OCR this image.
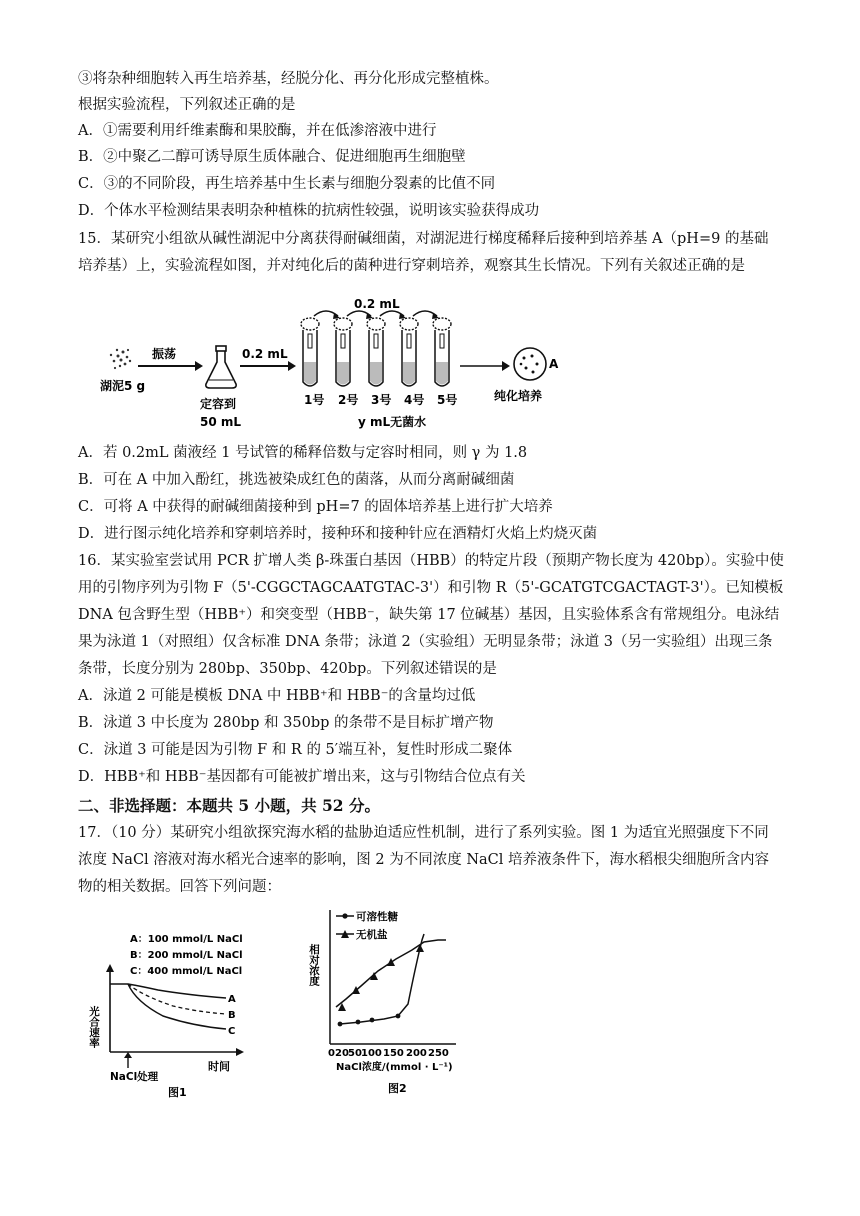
③将杂种细胞转入再生培养基，经脱分化、再分化形成完整植株。
根据实验流程，下列叙述正确的是
A．①需要利用纤维素酶和果胶酶，并在低渗溶液中进行
B．②中聚乙二醇可诱导原生质体融合、促进细胞再生细胞壁
C．③的不同阶段，再生培养基中生长素与细胞分裂素的比值不同
D．个体水平检测结果表明杂种植株的抗病性较强，说明该实验获得成功
15．某研究小组欲从碱性湖泥中分离获得耐碱细菌，对湖泥进行梯度稀释后接种到培养基 A（pH=9 的基础
培养基）上，实验流程如图，并对纯化后的菌种进行穿刺培养，观察其生长情况。下列有关叙述正确的是
湖泥5 g
振荡
定容到
50 mL
0.2 mL
0.2 mL
1号 2号 3号 4号 5号
y mL无菌水
A
纯化培养
A．若 0.2mL 菌液经 1 号试管的稀释倍数与定容时相同，则 γ 为 1.8
B．可在 A 中加入酚红，挑选被染成红色的菌落，从而分离耐碱细菌
C．可将 A 中获得的耐碱细菌接种到 pH=7 的固体培养基上进行扩大培养
D．进行图示纯化培养和穿刺培养时，接种环和接种针应在酒精灯火焰上灼烧灭菌
16．某实验室尝试用 PCR 扩增人类 β-珠蛋白基因（HBB）的特定片段（预期产物长度为 420bp）。实验中使
用的引物序列为引物 F（5'-CGGCTAGCAATGTAC-3'）和引物 R（5'-GCATGTCGACTAGT-3'）。已知模板
DNA 包含野生型（HBB⁺）和突变型（HBB⁻，缺失第 17 位碱基）基因，且实验体系含有常规组分。电泳结
果为泳道 1（对照组）仅含标准 DNA 条带；泳道 2（实验组）无明显条带；泳道 3（另一实验组）出现三条
条带，长度分别为 280bp、350bp、420bp。下列叙述错误的是
A．泳道 2 可能是模板 DNA 中 HBB⁺和 HBB⁻的含量均过低
B．泳道 3 中长度为 280bp 和 350bp 的条带不是目标扩增产物
C．泳道 3 可能是因为引物 F 和 R 的 5′端互补，复性时形成二聚体
D．HBB⁺和 HBB⁻基因都有可能被扩增出来，这与引物结合位点有关
二、非选择题：本题共 5 小题，共 52 分。
17．（10 分）某研究小组欲探究海水稻的盐胁迫适应性机制，进行了系列实验。图 1 为适宜光照强度下不同
浓度 NaCl 溶液对海水稻光合速率的影响，图 2 为不同浓度 NaCl 培养液条件下，海水稻根尖细胞所含内容
物的相关数据。回答下列问题：
A：100 mmol/L NaCl
B：200 mmol/L NaCl
C：400 mmol/L NaCl
光合速率
时间
A
B
C
NaCl处理
图1
可溶性糖
无机盐
相对浓度
0 20 50 100 150 200 250
NaCl浓度/(mmol · L⁻¹)
图2
